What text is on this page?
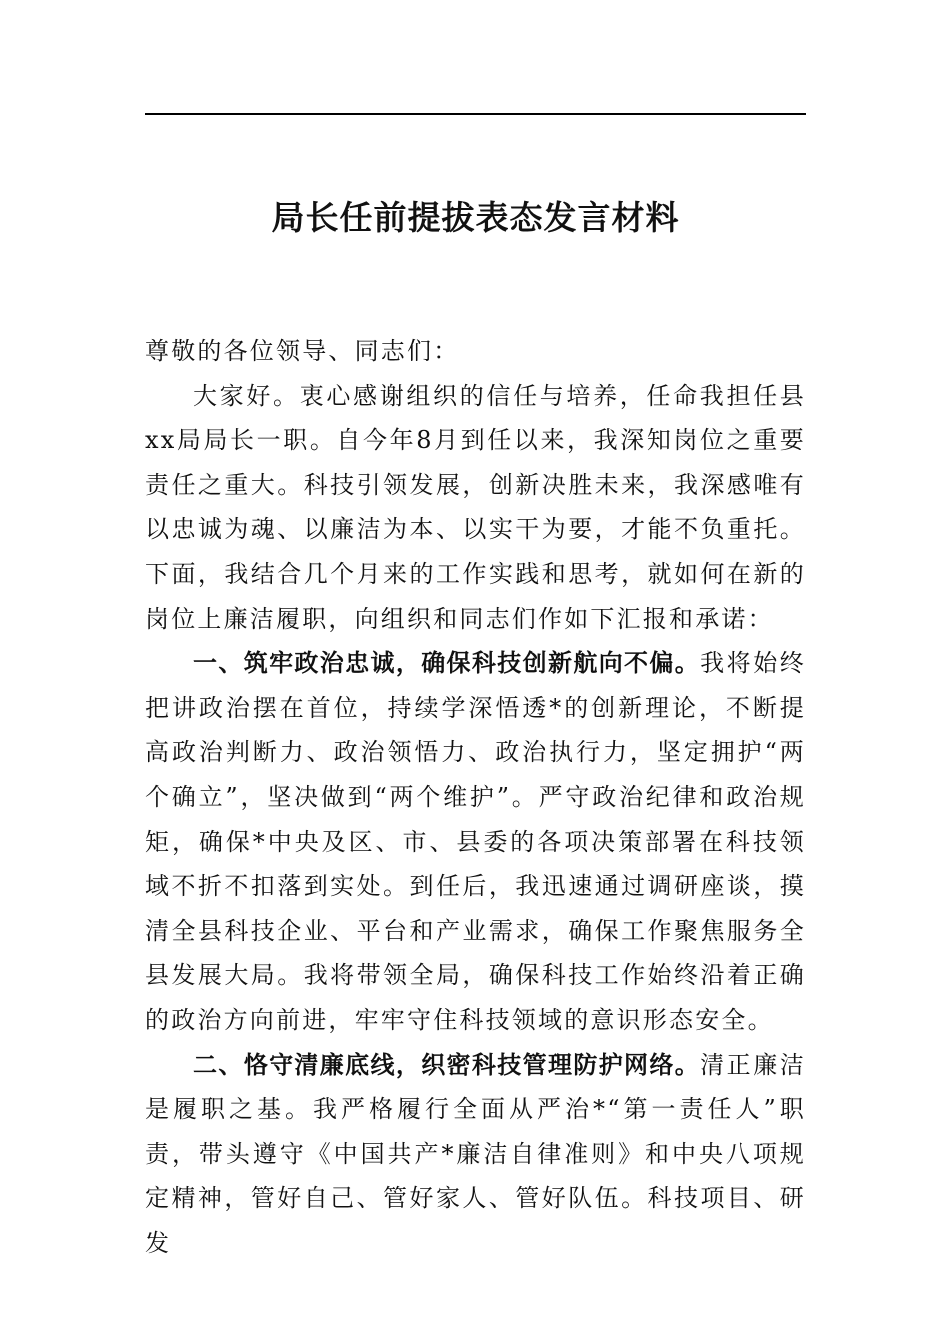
局长任前提拔表态发言材料

尊敬的各位领导、同志们：

大家好。衷心感谢组织的信任与培养，任命我担任县xx局局长一职。自今年8月到任以来，我深知岗位之重要责任之重大。科技引领发展，创新决胜未来，我深感唯有以忠诚为魂、以廉洁为本、以实干为要，才能不负重托。下面，我结合几个月来的工作实践和思考，就如何在新的岗位上廉洁履职，向组织和同志们作如下汇报和承诺：

一、筑牢政治忠诚，确保科技创新航向不偏。我将始终把讲政治摆在首位，持续学深悟透*的创新理论，不断提高政治判断力、政治领悟力、政治执行力，坚定拥护“两个确立”，坚决做到“两个维护”。严守政治纪律和政治规矩，确保*中央及区、市、县委的各项决策部署在科技领域不折不扣落到实处。到任后，我迅速通过调研座谈，摸清全县科技企业、平台和产业需求，确保工作聚焦服务全县发展大局。我将带领全局，确保科技工作始终沿着正确的政治方向前进，牢牢守住科技领域的意识形态安全。

二、恪守清廉底线，织密科技管理防护网络。清正廉洁是履职之基。我严格履行全面从严治*“第一责任人”职责，带头遵守《中国共产*廉洁自律准则》和中央八项规定精神，管好自己、管好家人、管好队伍。科技项目、研发
